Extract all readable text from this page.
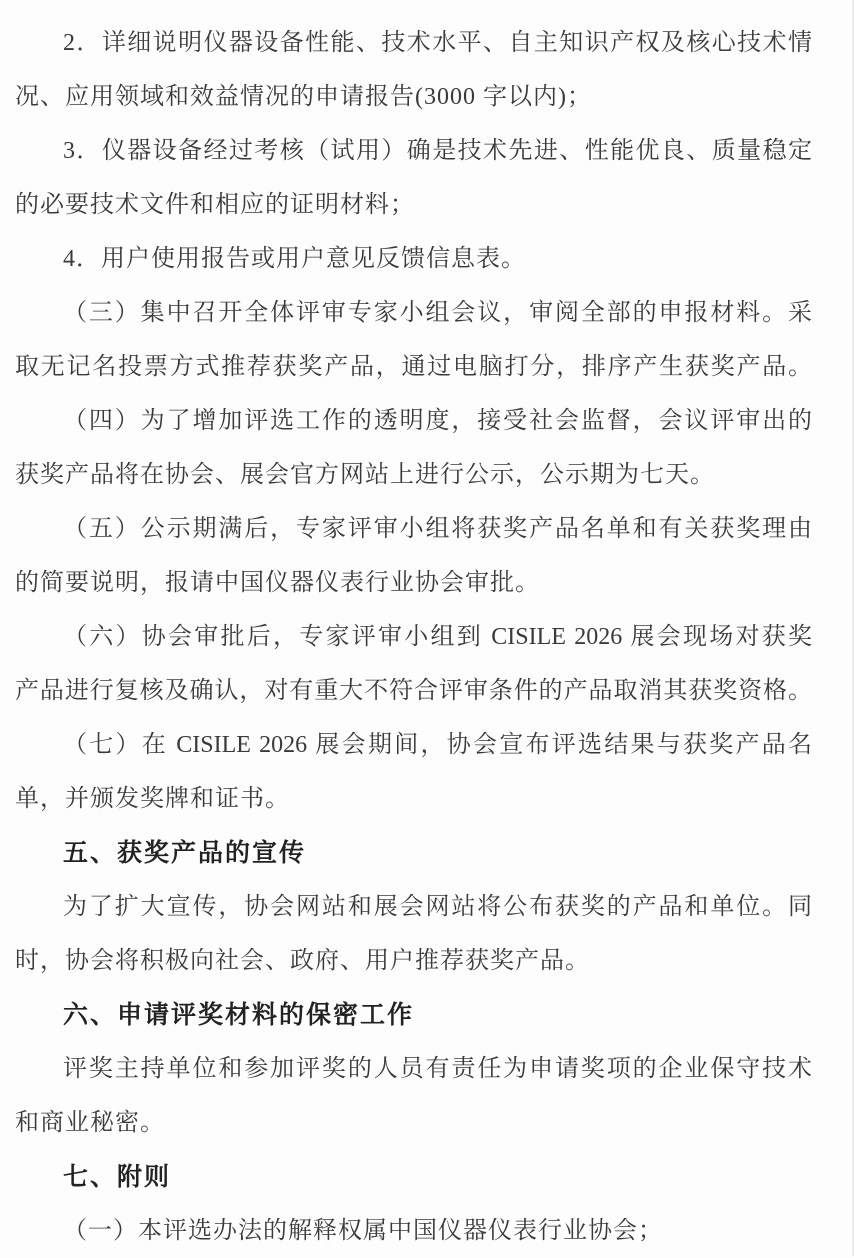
2．详细说明仪器设备性能、技术水平、自主知识产权及核心技术情
况、应用领域和效益情况的申请报告(3000 字以内)；
3．仪器设备经过考核（试用）确是技术先进、性能优良、质量稳定
的必要技术文件和相应的证明材料；
4．用户使用报告或用户意见反馈信息表。
（三）集中召开全体评审专家小组会议，审阅全部的申报材料。采
取无记名投票方式推荐获奖产品，通过电脑打分，排序产生获奖产品。
（四）为了增加评选工作的透明度，接受社会监督，会议评审出的
获奖产品将在协会、展会官方网站上进行公示，公示期为七天。
（五）公示期满后，专家评审小组将获奖产品名单和有关获奖理由
的简要说明，报请中国仪器仪表行业协会审批。
（六）协会审批后，专家评审小组到 CISILE 2026 展会现场对获奖
产品进行复核及确认，对有重大不符合评审条件的产品取消其获奖资格。
（七）在 CISILE 2026 展会期间，协会宣布评选结果与获奖产品名
单，并颁发奖牌和证书。
五、获奖产品的宣传
为了扩大宣传，协会网站和展会网站将公布获奖的产品和单位。同
时，协会将积极向社会、政府、用户推荐获奖产品。
六、申请评奖材料的保密工作
评奖主持单位和参加评奖的人员有责任为申请奖项的企业保守技术
和商业秘密。
七、附则
（一）本评选办法的解释权属中国仪器仪表行业协会；
